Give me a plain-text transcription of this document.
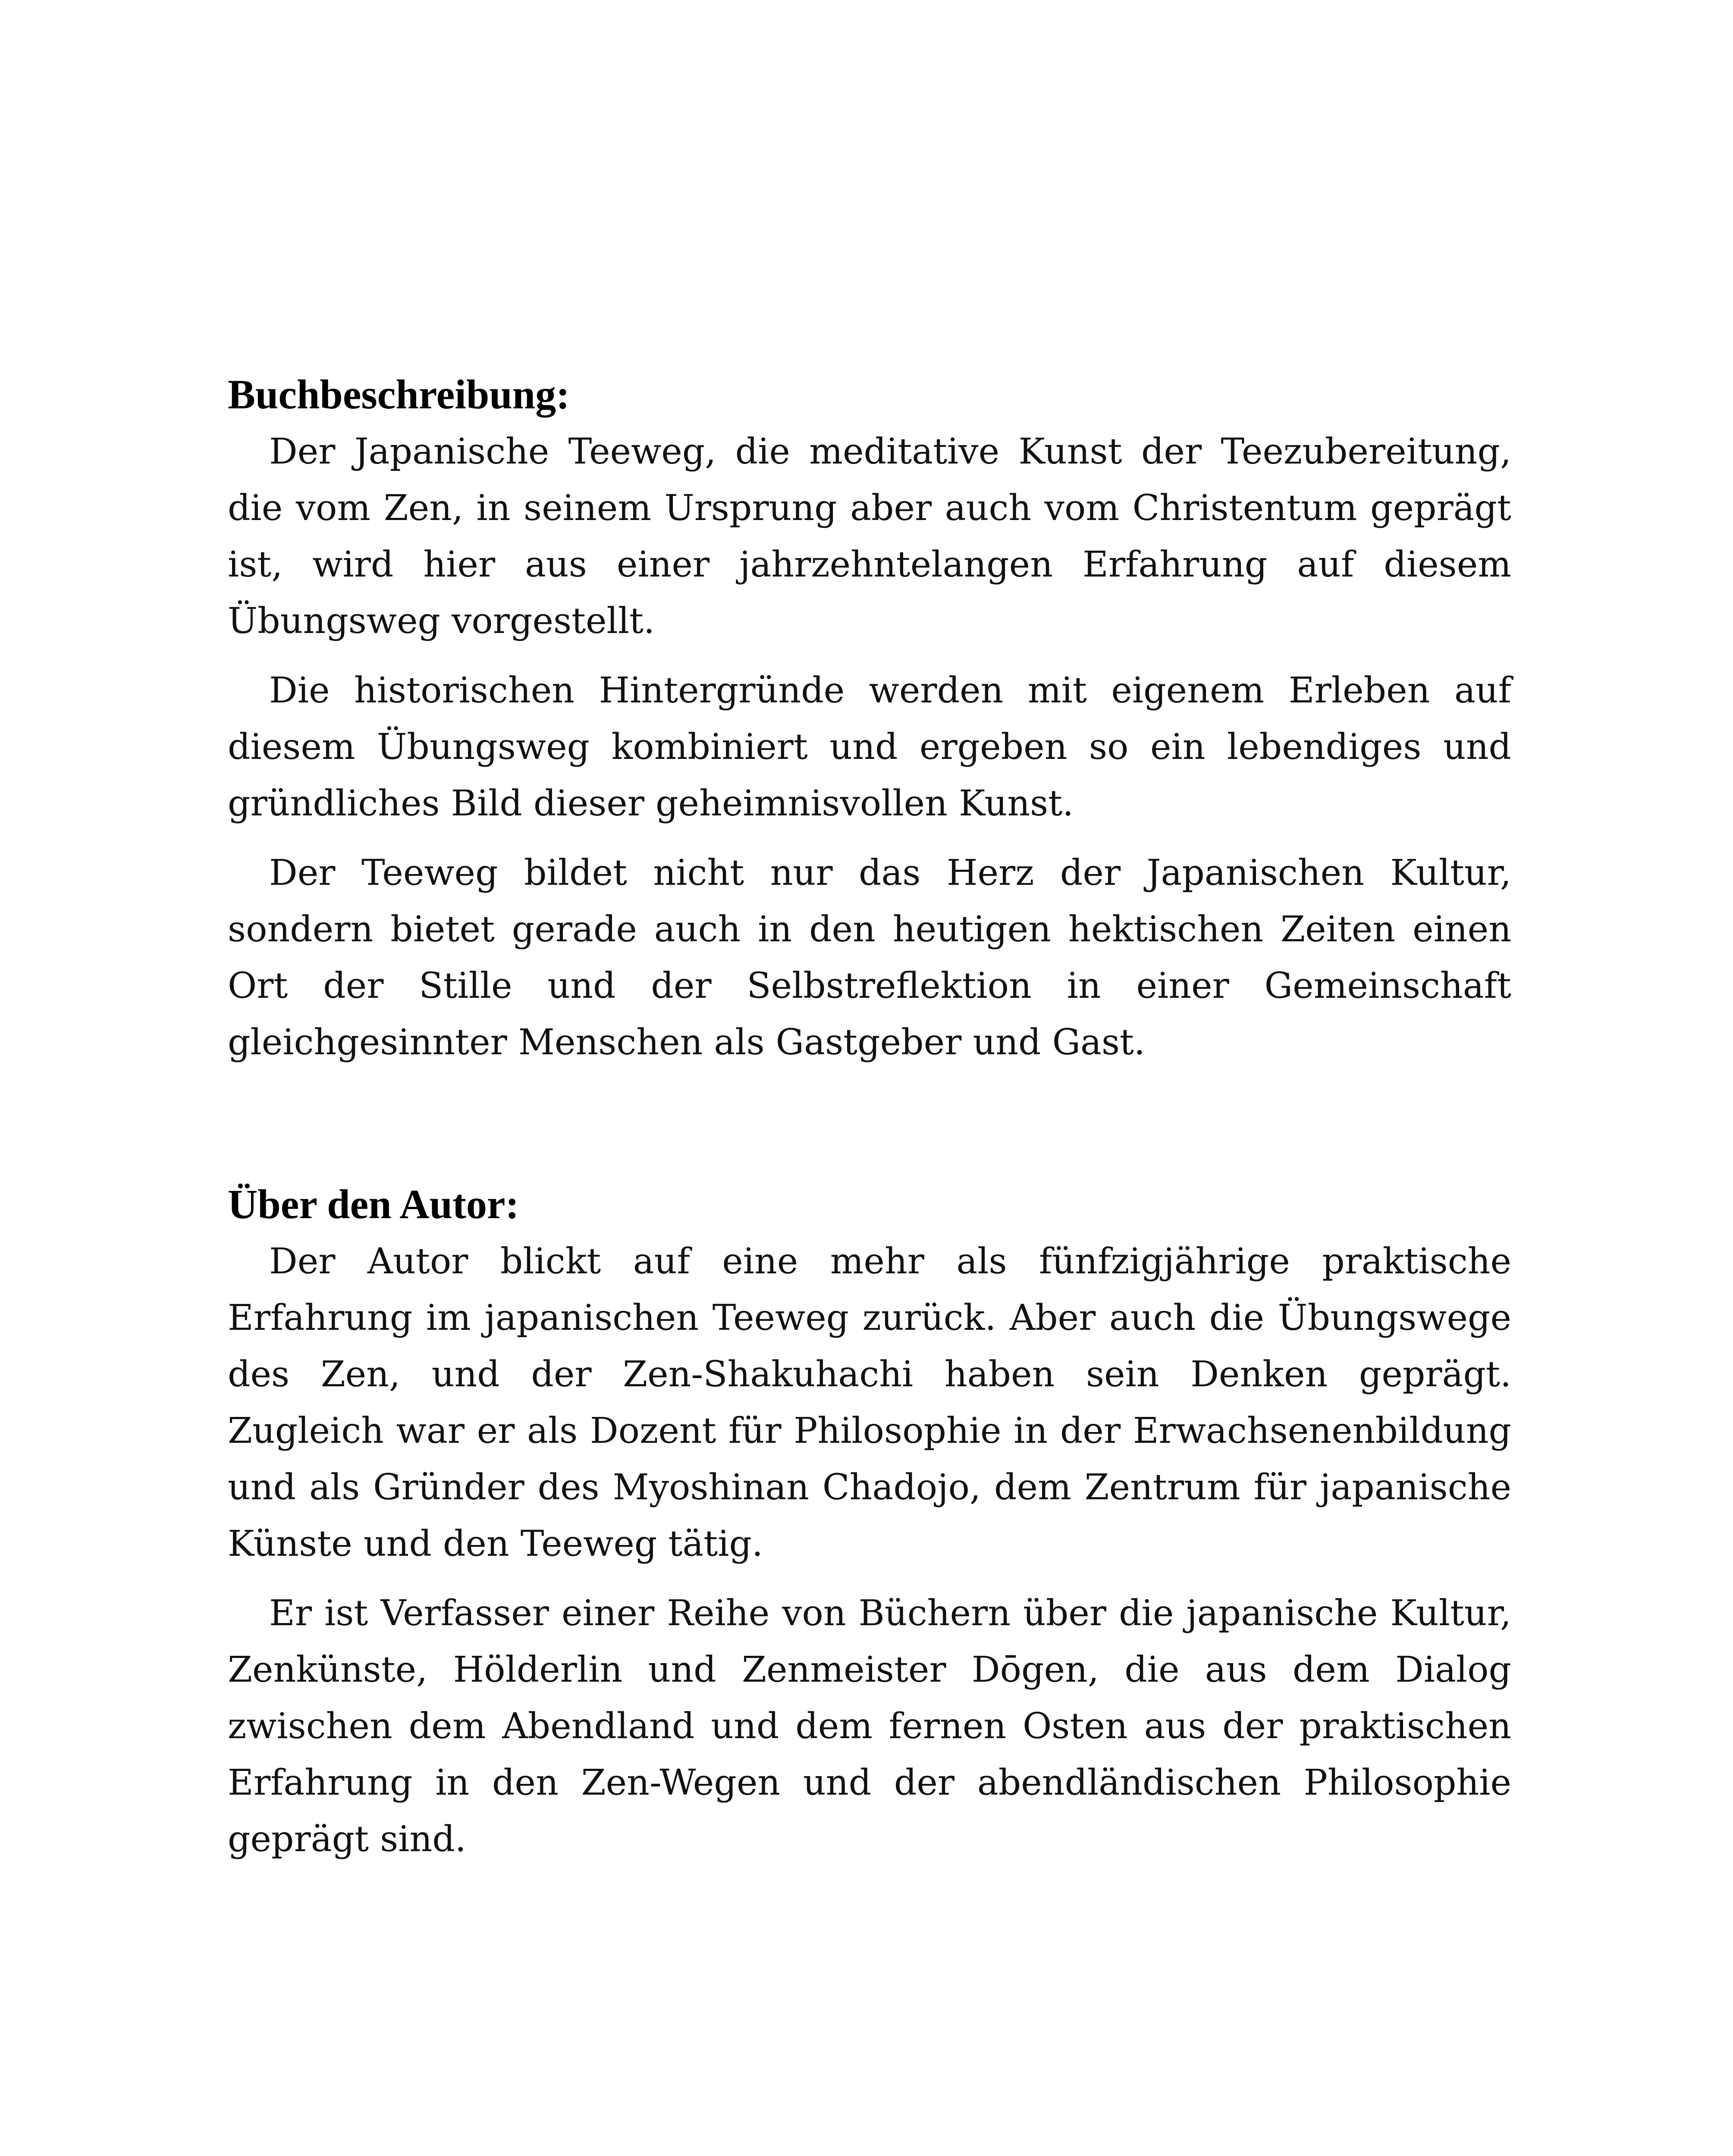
Buchbeschreibung:

Der Japanische Teeweg, die meditative Kunst der Teezubereitung, die vom Zen, in seinem Ursprung aber auch vom Christentum geprägt ist, wird hier aus einer jahrzehntelangen Erfahrung auf diesem Übungsweg vorgestellt.

Die historischen Hintergründe werden mit eigenem Erleben auf diesem Übungsweg kombiniert und ergeben so ein lebendiges und gründliches Bild dieser geheimnisvollen Kunst.

Der Teeweg bildet nicht nur das Herz der Japanischen Kultur, sondern bietet gerade auch in den heutigen hektischen Zeiten einen Ort der Stille und der Selbstreflektion in einer Gemeinschaft gleichgesinnter Menschen als Gastgeber und Gast.

Über den Autor:

Der Autor blickt auf eine mehr als fünfzigjährige praktische Erfahrung im japanischen Teeweg zurück. Aber auch die Übungswege des Zen, und der Zen-Shakuhachi haben sein Denken geprägt. Zugleich war er als Dozent für Philosophie in der Erwachsenenbildung und als Gründer des Myoshinan Chadojo, dem Zentrum für japanische Künste und den Teeweg tätig.

Er ist Verfasser einer Reihe von Büchern über die japanische Kultur, Zenkünste, Hölderlin und Zenmeister Dōgen, die aus dem Dialog zwischen dem Abendland und dem fernen Osten aus der praktischen Erfahrung in den Zen-Wegen und der abendländischen Philosophie geprägt sind.
